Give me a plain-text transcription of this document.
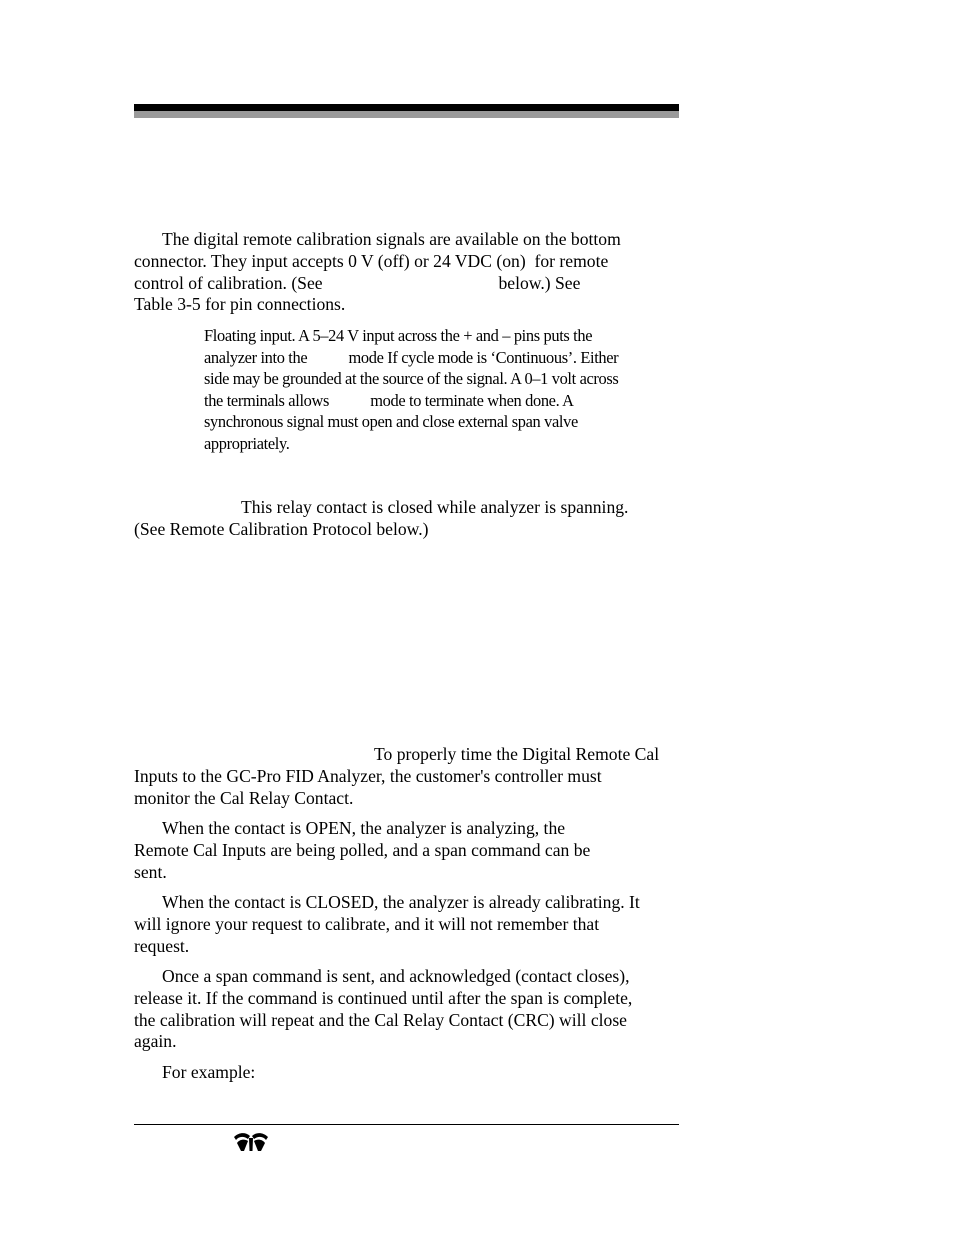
The digital remote calibration signals are available on the bottom
connector. They input accepts 0 V (off) or 24 VDC (on)  for remote
control of calibration. (See                                        below.) See
Table 3-5 for pin connections.
Floating input. A 5–24 V input across the + and – pins puts the
analyzer into the           mode If cycle mode is ‘Continuous’. Either
side may be grounded at the source of the signal. A 0–1 volt across
the terminals allows           mode to terminate when done. A
synchronous signal must open and close external span valve
appropriately.
This relay contact is closed while analyzer is spanning.
(See Remote Calibration Protocol below.)
To properly time the Digital Remote Cal
Inputs to the GC-Pro FID Analyzer, the customer's controller must
monitor the Cal Relay Contact.
When the contact is OPEN, the analyzer is analyzing, the
Remote Cal Inputs are being polled, and a span command can be
sent.
When the contact is CLOSED, the analyzer is already calibrating. It
will ignore your request to calibrate, and it will not remember that
request.
Once a span command is sent, and acknowledged (contact closes),
release it. If the command is continued until after the span is complete,
the calibration will repeat and the Cal Relay Contact (CRC) will close
again.
For example:
